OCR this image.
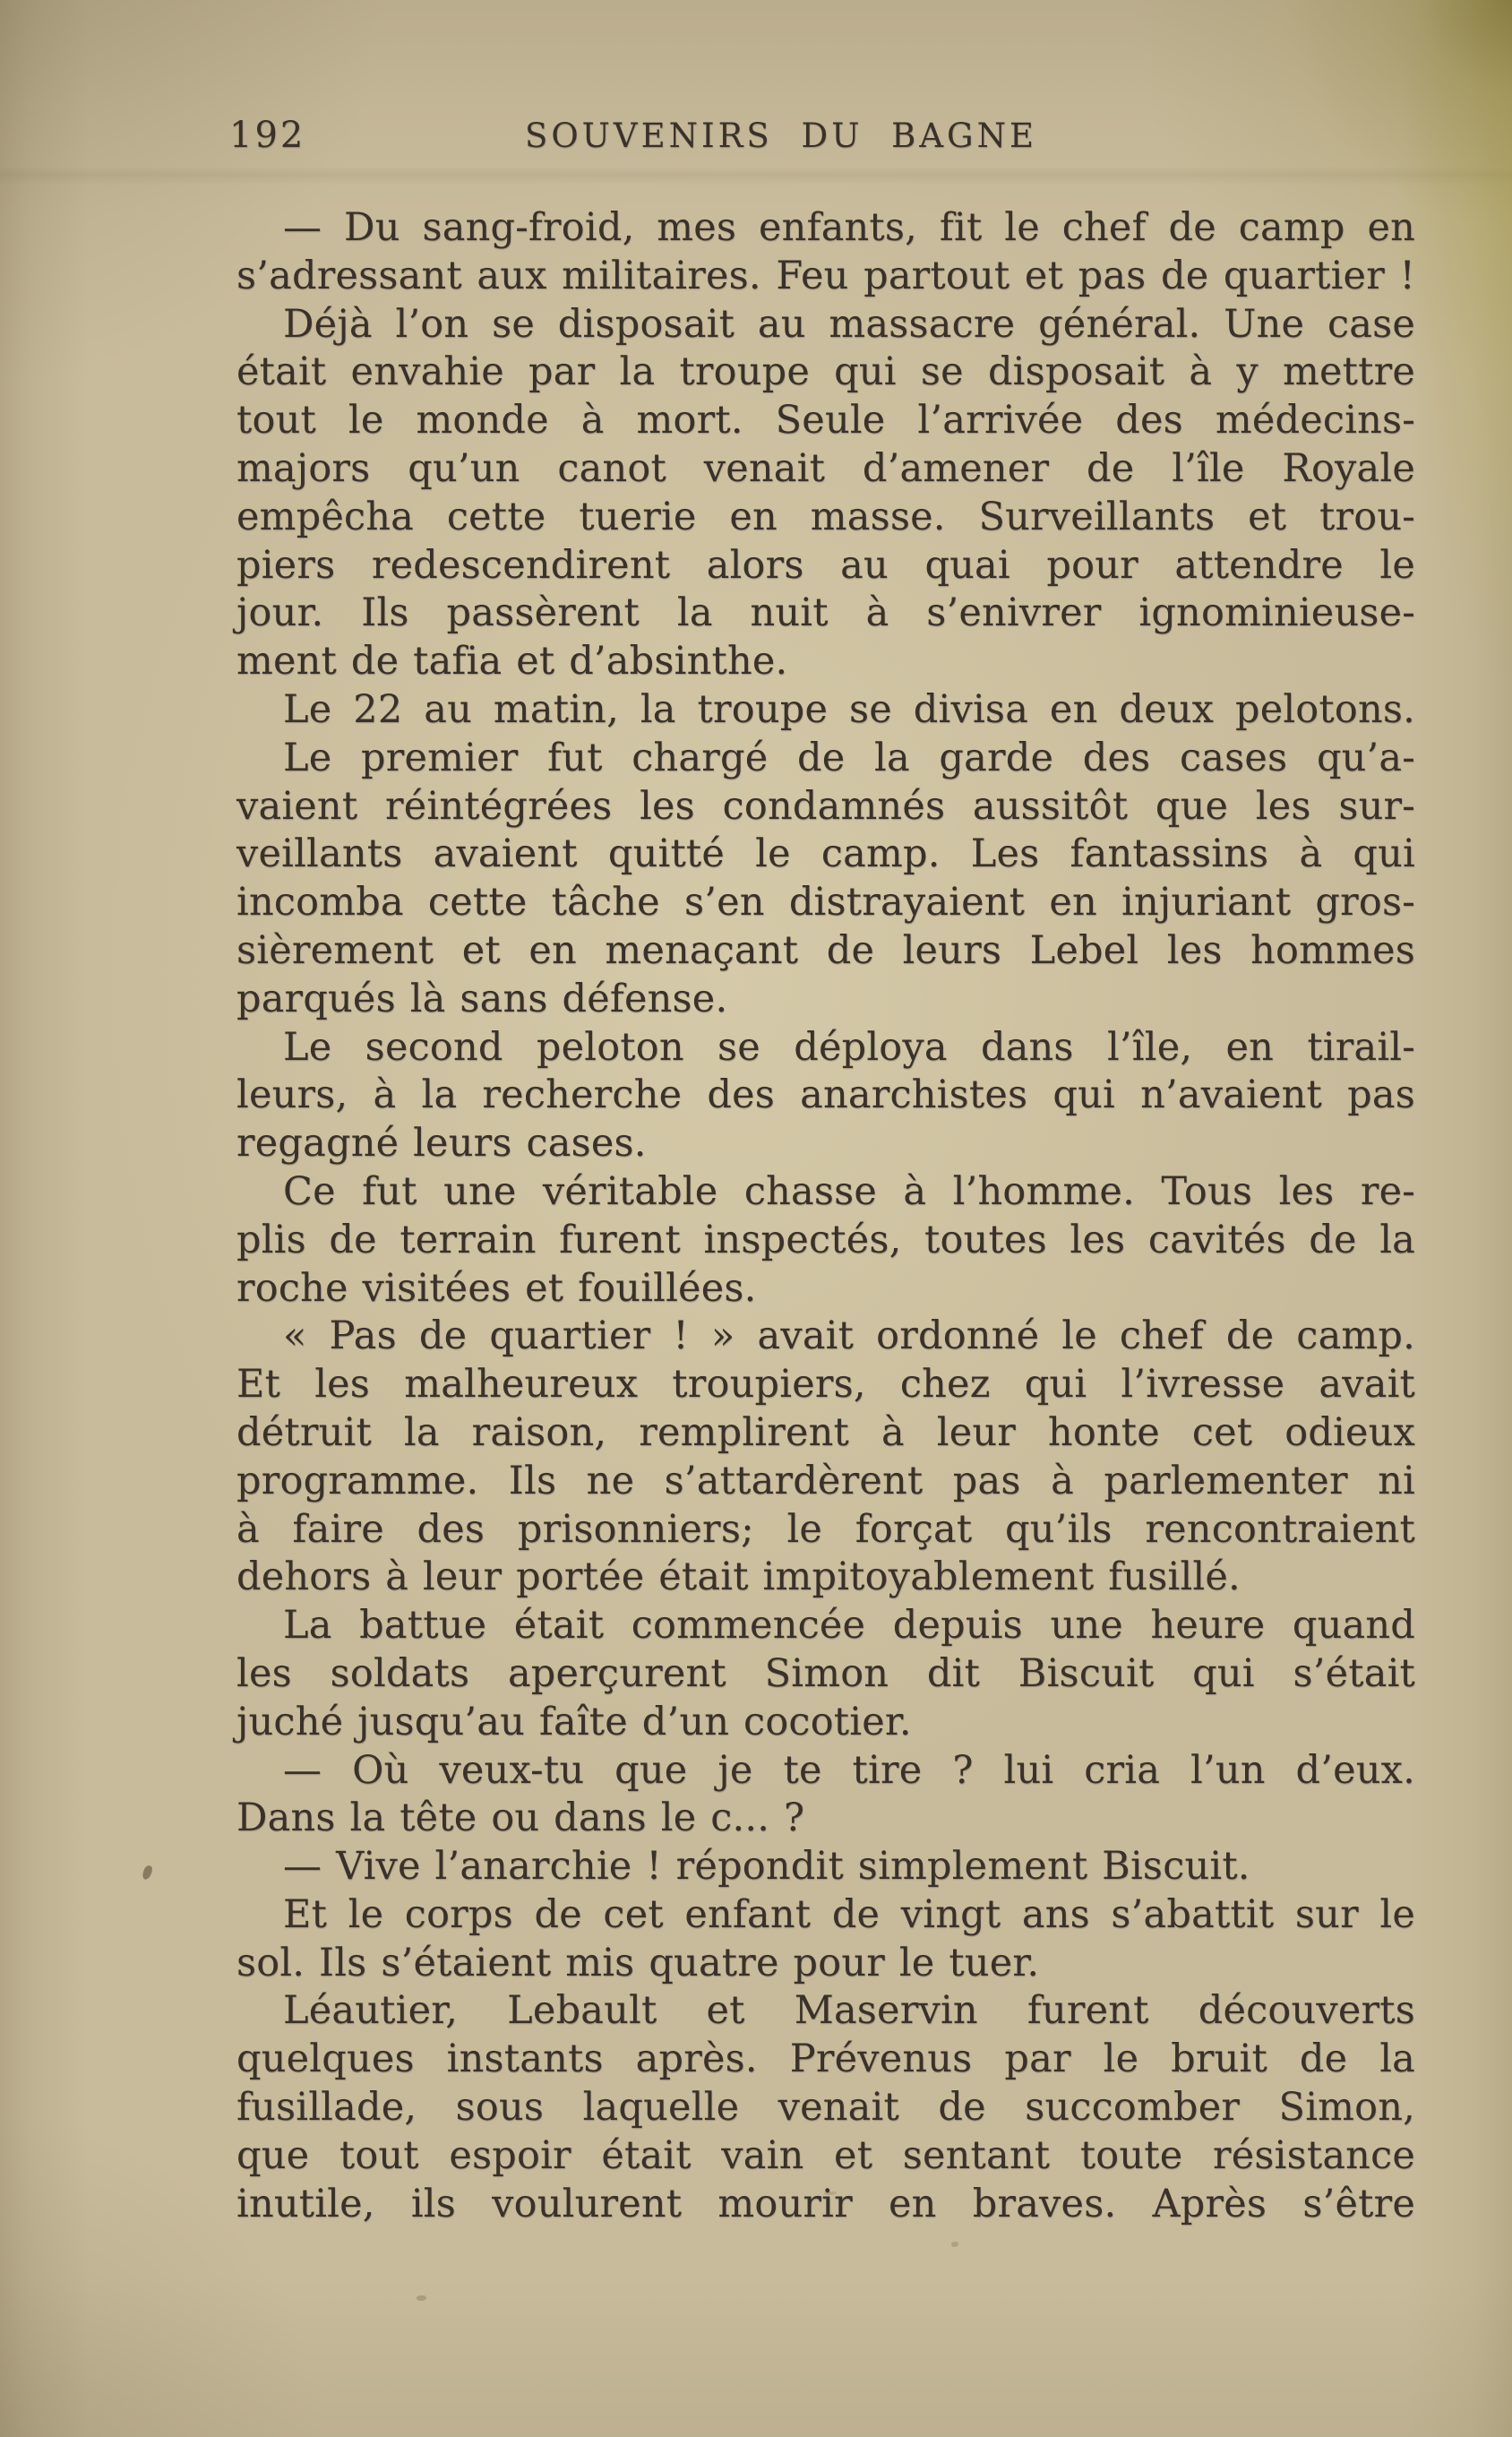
192	SOUVENIRS DU BAGNE
— Du sang-froid, mes enfants, fit le chef de camp en
s’adressant aux militaires. Feu partout et pas de quartier !
Déjà l’on se disposait au massacre général. Une case
était envahie par la troupe qui se disposait à y mettre
tout le monde à mort. Seule l’arrivée des médecins-
majors qu’un canot venait d’amener de l’île Royale
empêcha cette tuerie en masse. Surveillants et trou-
piers redescendirent alors au quai pour attendre le
jour. Ils passèrent la nuit à s’enivrer ignominieuse-
ment de tafia et d’absinthe.
Le 22 au matin, la troupe se divisa en deux pelotons.
Le premier fut chargé de la garde des cases qu’a-
vaient réintégrées les condamnés aussitôt que les sur-
veillants avaient quitté le camp. Les fantassins à qui
incomba cette tâche s’en distrayaient en injuriant gros-
sièrement et en menaçant de leurs Lebel les hommes
parqués là sans défense.
Le second peloton se déploya dans l’île, en tirail-
leurs, à la recherche des anarchistes qui n’avaient pas
regagné leurs cases.
Ce fut une véritable chasse à l’homme. Tous les re-
plis de terrain furent inspectés, toutes les cavités de la
roche visitées et fouillées.
« Pas de quartier ! » avait ordonné le chef de camp.
Et les malheureux troupiers, chez qui l’ivresse avait
détruit la raison, remplirent à leur honte cet odieux
programme. Ils ne s’attardèrent pas à parlementer ni
à faire des prisonniers; le forçat qu’ils rencontraient
dehors à leur portée était impitoyablement fusillé.
La battue était commencée depuis une heure quand
les soldats aperçurent Simon dit Biscuit qui s’était
juché jusqu’au faîte d’un cocotier.
— Où veux-tu que je te tire ? lui cria l’un d’eux.
Dans la tête ou dans le c... ?
— Vive l’anarchie ! répondit simplement Biscuit.
Et le corps de cet enfant de vingt ans s’abattit sur le
sol. Ils s’étaient mis quatre pour le tuer.
Léautier, Lebault et Maservin furent découverts
quelques instants après. Prévenus par le bruit de la
fusillade, sous laquelle venait de succomber Simon,
que tout espoir était vain et sentant toute résistance
inutile, ils voulurent mourir en braves. Après s’être
